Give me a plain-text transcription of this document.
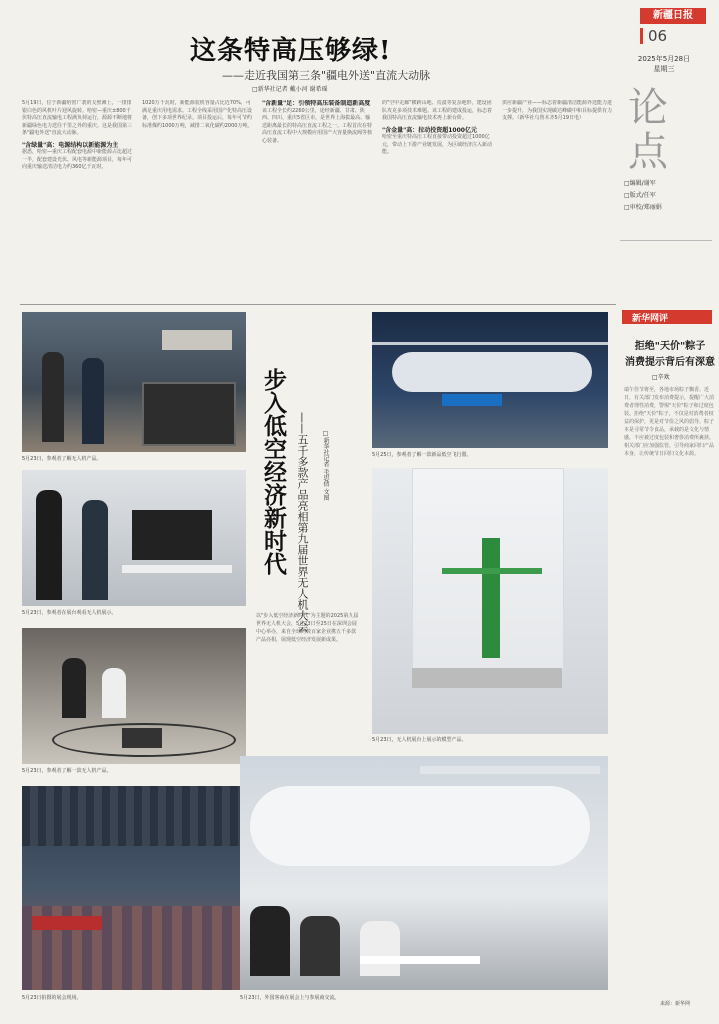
新疆日报
06
2025年5月28日
星期三
论 点
□编辑/谢军
□版式/任军
□审校/郑丽娟
这条特高压够绿!
——走近我国第三条"疆电外送"直流大动脉
□新华社记者 戴小河 谢希瑶
5月19日，位于新疆哈密广袤的戈壁滩上，一排排银白色的风机叶片迎风旋转。哈密—重庆±800千伏特高压直流输电工程满负荷运行，源源不断地将新疆绿色电力送往千里之外的重庆。这是我国第三条"疆电外送"直流大动脉。
"含绿量"高：电源结构以新能源为主
据悉，哈密—重庆工程配套电源中新能源占比超过一半，配套建设光伏、风电等新能源项目，每年可向重庆输送清洁电力约360亿千瓦时。
1020万千瓦时，新能源装机容量占比近70%，可满足重庆用电需求。工程全线采用国产化特高压设备，创下多项世界纪录。项目投运后，每年可节约标准煤约1000万吨，减排二氧化碳约2000万吨。
"含新量"足：引领特高压装备制造新高度
该工程全长约2260公里，途经新疆、甘肃、陕西、四川、重庆5省区市，是世界上海拔最高、输送距离最长的特高压直流工程之一。工程首次在特高压直流工程中大规模应用国产大容量换流阀等核心装备。
的"空中走廊"横跨山地、荒漠等复杂地形，建设团队攻克多项技术难题。该工程的建成投运，标志着我国特高压直流输电技术再上新台阶。
"含金量"高：拉动投资超1000亿元
哈密至重庆特高压工程直接带动投资超过1000亿元，带动上下游产业链发展，为区域经济注入新动能。
供应新疆产业——标志着新疆清洁能源外送能力进一步提升，为我国实现碳达峰碳中和目标提供有力支撑。（新华社乌鲁木齐5月19日电）
步入低空经济新时代 ——五千多款产品亮相第九届世界无人机大会	□新华社记者 毛思倩 文图
以"步入低空经济新时代"为主题的2025第九届世界无人机大会，5月23日至25日在深圳会展中心举办，来自全球的数百家企业携五千多款产品亮相，展现低空经济发展新成果。
5月23日，参观者了解无人机产品。
5月23日，参观者在展台观看无人机展示。
5月23日，参观者了解一款无人机产品。
5月25日，参观者了解一款新品低空飞行器。
5月23日，无人机展台上展示的模型产品。
5月23日拍摄的展会现场。	5月23日，外国客商在展会上与参展商交流。
新华网评
拒绝"天价"粽子
消费提示背后有深意
□辛欢
端午佳节将至，各地市场粽子飘香。近日，有关部门发布消费提示，提醒广大消费者理性消费，警惕"天价"粽子和过度包装。拒绝"天价"粽子，不仅是对消费者权益的保护，更是对节俭之风的倡导。粽子本是寻常节令食品，承载的是文化与情感，不应被过度包装和奢侈消费所裹挟。相关部门应加强监管，引导商家回归产品本身，让传统节日回归文化本源。
来源：新华网
